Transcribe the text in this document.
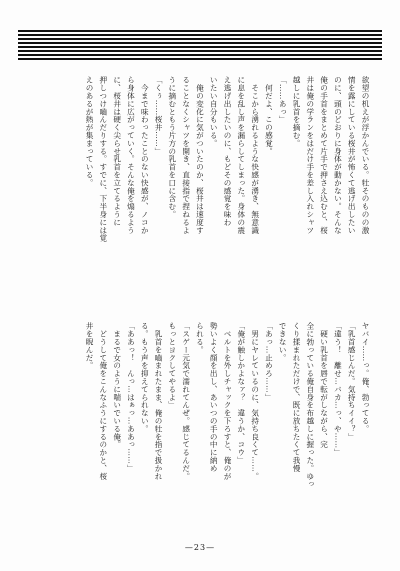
欲望の机えが浮かんでいる。牡そのものの激
情を露にしている桜井が怖くて逃げ出したい
のに、頭のどおりに身体が動かない。そんな
俺の手首をまとめて片手で押さえ込むと、桜
井は俺の学ランをはだけ手を差し入れシャツ
越しに乳首を摘む。
「……あっ」
　何だよ、この感覚。
　そこから湧れるような快感が湧き、無意識
に息を乱し声を漏らしてしまった。身体の震
え逃げ出したいのに、もどその感覚を味わ
いたい自分もいる。
　俺の変化に気がついたのか、桜井は速度す
ることなくシャツを開き、直接指で捏ねるよ
うに摘むともう片方の乳首を口に含む。
「くぅ……桜井……」
　今まで味わったことのない快感が、ノコか
ら身体に広がっていく。そんな俺を煽るよう
に、桜井は硬く尖らせ乳首を立てるように
押しつけ嚙んだりする。すでに、下半身には覚
えのあるが熱が集まっている。
ヤバイ……っ。俺、勃ってる。
「乳首感じんだ。気持ちイイ？」
「違う！　離せ…バカ…っ、や……」
　硬い乳首を唇で転がしながら、完
全に勃っている俺自身を布越しに握った。ゆっ
くり揉まれただけで、既に放ちたくて我慢
できない。
「あっ…止めろ……」
　男にヤレているのに、気持ち良くて……。
「俺が触しかよなァ？　違うか、コウ」
　ベルトを外しチャックを下ろすと、俺のが
勢いよく顔を出し、あいつの手の中に納め
られる。
「スゲー元気で濡れてんぜ。感じてるんだ。
もっとヨクしてやるよ」
　乳首を嚙まれたまま、俺の牡を指で扱かれ
る。もう声を抑えてられない。
「ああっ！　んっ…はぁっ…ああっ……」
　まるで女のように喘いでいる俺。
　どうして俺をこんなふうにするのかと、桜
井を睨んだ。
—23—
